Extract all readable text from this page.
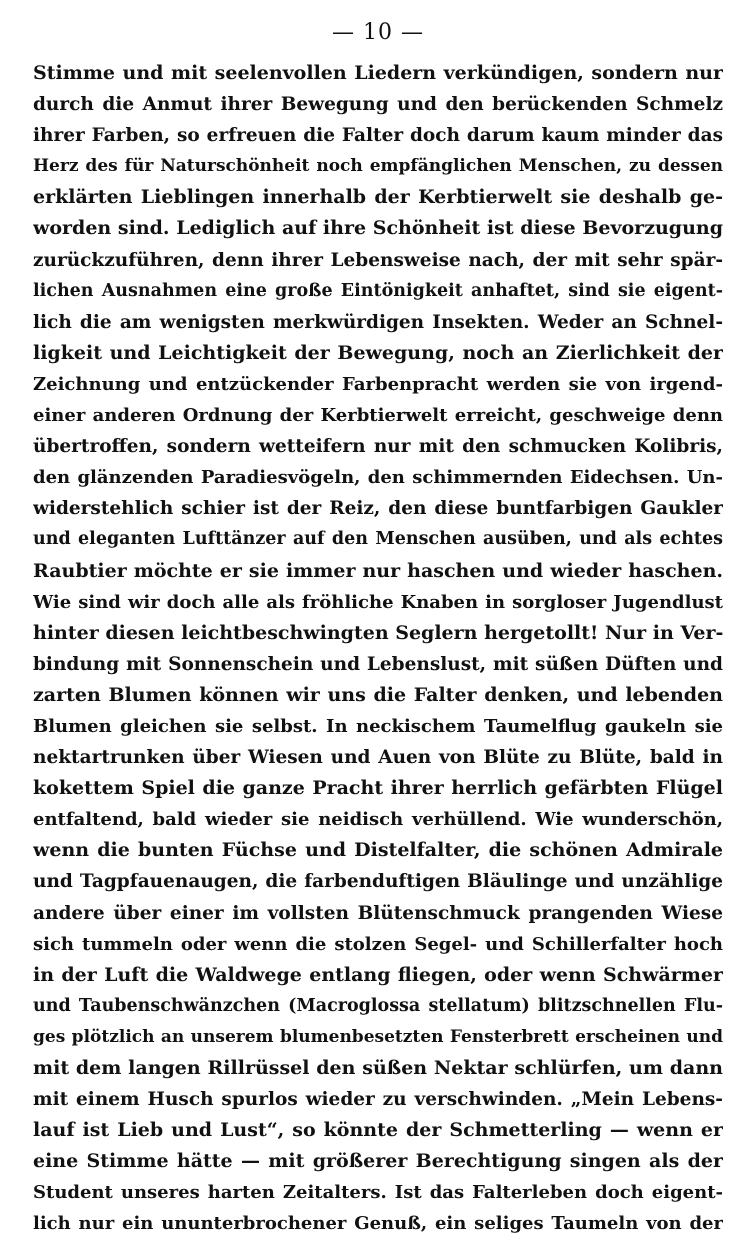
— 10 —
Stimme und mit seelenvollen Liedern verkündigen, sondern nur
durch die Anmut ihrer Bewegung und den berückenden Schmelz
ihrer Farben, so erfreuen die Falter doch darum kaum minder das
Herz des für Naturschönheit noch empfänglichen Menschen, zu dessen
erklärten Lieblingen innerhalb der Kerbtierwelt sie deshalb ge-
worden sind. Lediglich auf ihre Schönheit ist diese Bevorzugung
zurückzuführen, denn ihrer Lebensweise nach, der mit sehr spär-
lichen Ausnahmen eine große Eintönigkeit anhaftet, sind sie eigent-
lich die am wenigsten merkwürdigen Insekten. Weder an Schnel-
ligkeit und Leichtigkeit der Bewegung, noch an Zierlichkeit der
Zeichnung und entzückender Farbenpracht werden sie von irgend-
einer anderen Ordnung der Kerbtierwelt erreicht, geschweige denn
übertroffen, sondern wetteifern nur mit den schmucken Kolibris,
den glänzenden Paradiesvögeln, den schimmernden Eidechsen. Un-
widerstehlich schier ist der Reiz, den diese buntfarbigen Gaukler
und eleganten Lufttänzer auf den Menschen ausüben, und als echtes
Raubtier möchte er sie immer nur haschen und wieder haschen.
Wie sind wir doch alle als fröhliche Knaben in sorgloser Jugendlust
hinter diesen leichtbeschwingten Seglern hergetollt! Nur in Ver-
bindung mit Sonnenschein und Lebenslust, mit süßen Düften und
zarten Blumen können wir uns die Falter denken, und lebenden
Blumen gleichen sie selbst. In neckischem Taumelflug gaukeln sie
nektartrunken über Wiesen und Auen von Blüte zu Blüte, bald in
kokettem Spiel die ganze Pracht ihrer herrlich gefärbten Flügel
entfaltend, bald wieder sie neidisch verhüllend. Wie wunderschön,
wenn die bunten Füchse und Distelfalter, die schönen Admirale
und Tagpfauenaugen, die farbenduftigen Bläulinge und unzählige
andere über einer im vollsten Blütenschmuck prangenden Wiese
sich tummeln oder wenn die stolzen Segel- und Schillerfalter hoch
in der Luft die Waldwege entlang fliegen, oder wenn Schwärmer
und Taubenschwänzchen (Macroglossa stellatum) blitzschnellen Flu-
ges plötzlich an unserem blumenbesetzten Fensterbrett erscheinen und
mit dem langen Rillrüssel den süßen Nektar schlürfen, um dann
mit einem Husch spurlos wieder zu verschwinden. „Mein Lebens-
lauf ist Lieb und Lust“, so könnte der Schmetterling — wenn er
eine Stimme hätte — mit größerer Berechtigung singen als der
Student unseres harten Zeitalters. Ist das Falterleben doch eigent-
lich nur ein ununterbrochener Genuß, ein seliges Taumeln von der
